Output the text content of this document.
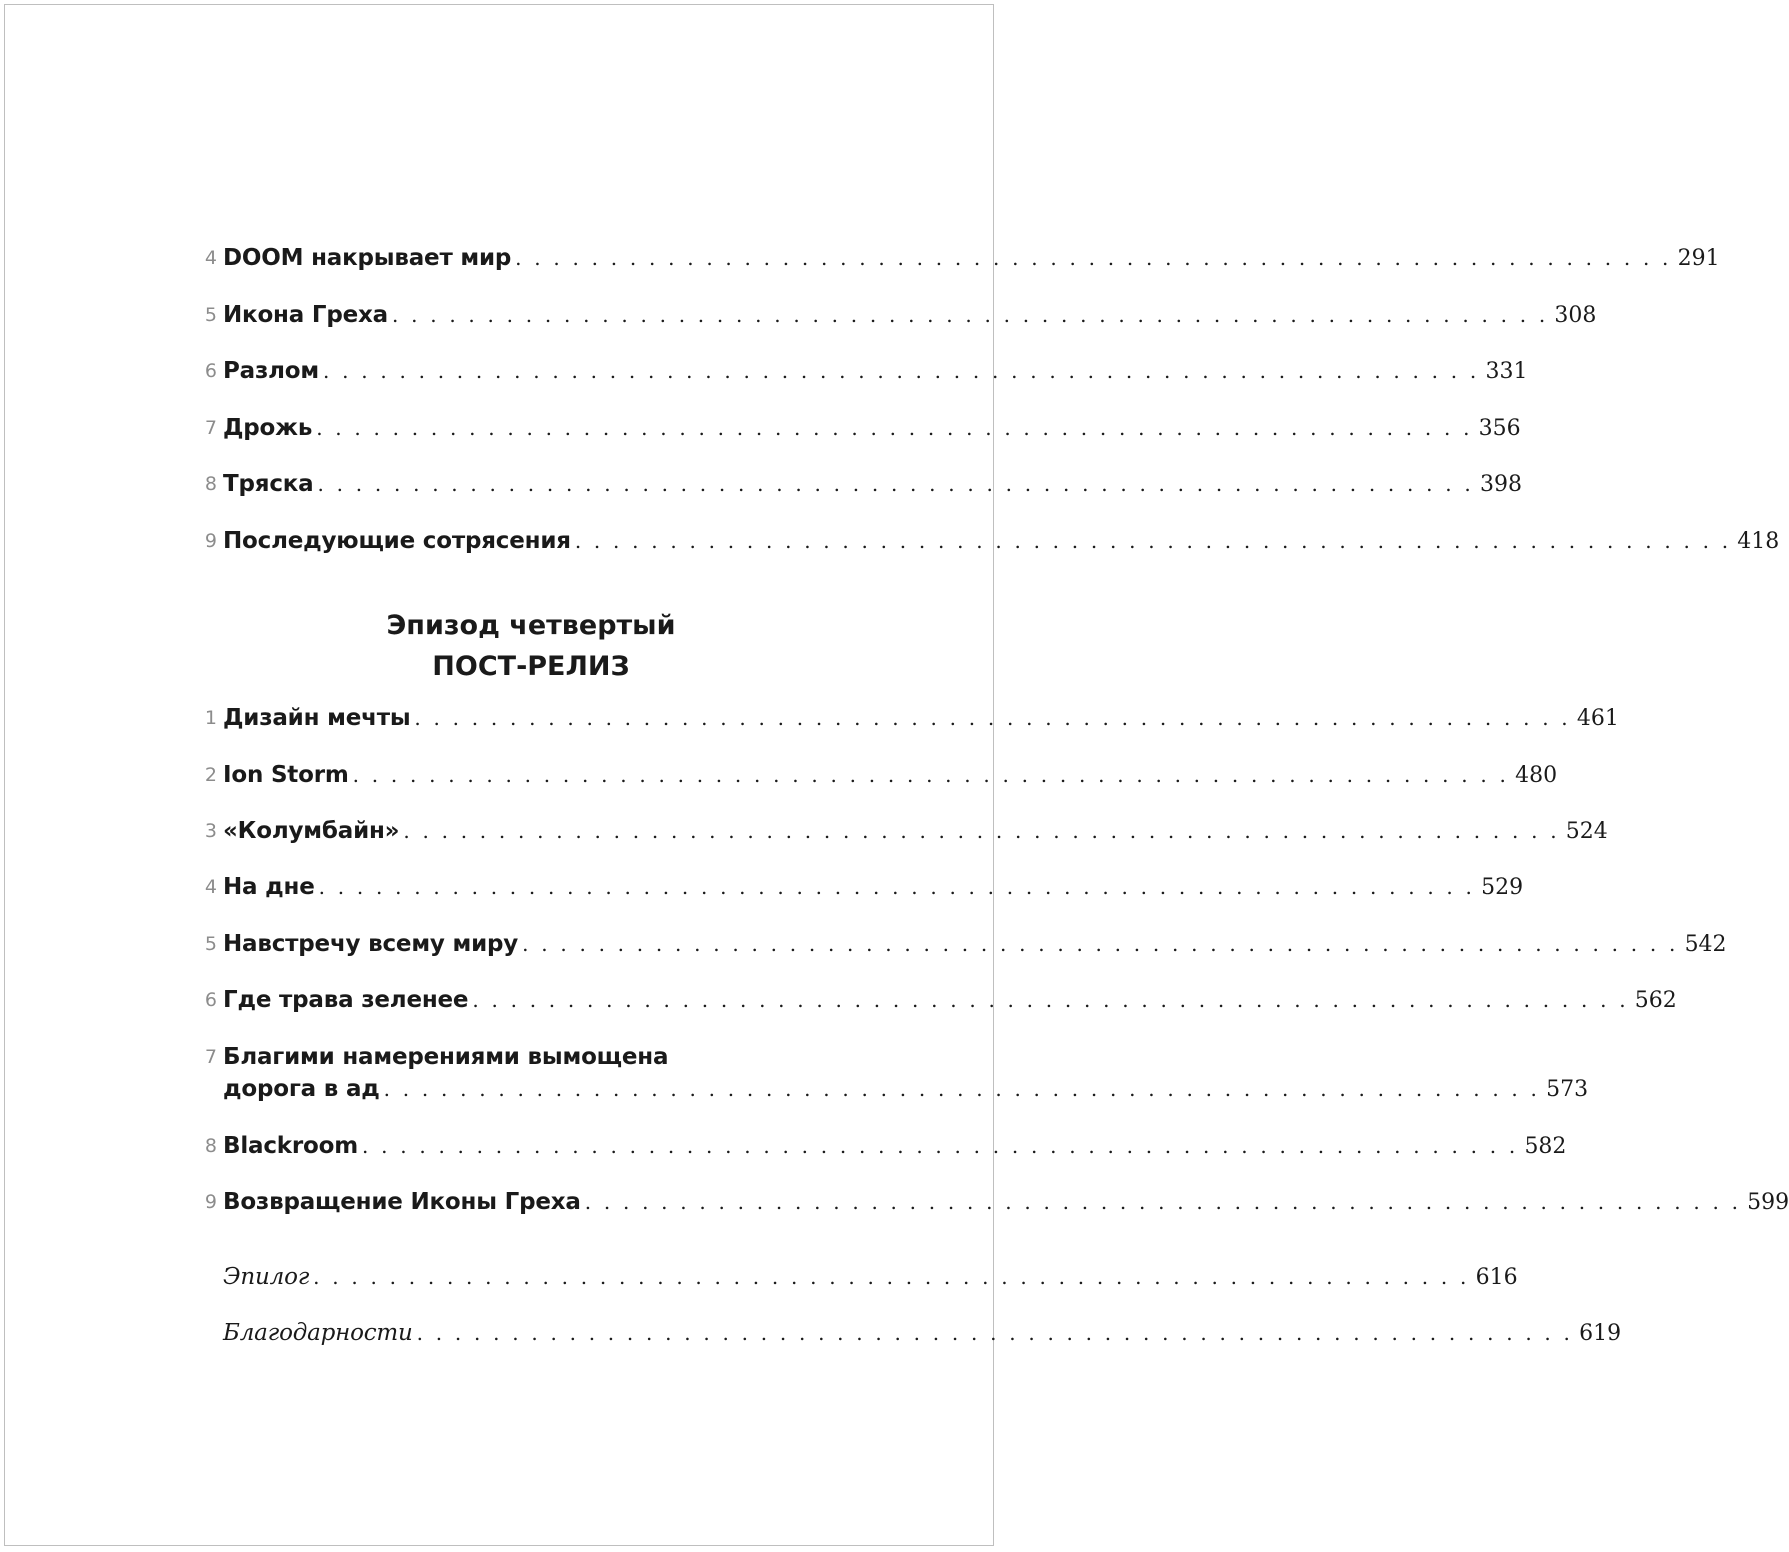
4 DOOM накрывает мир . . . . . . . . . . . . . . . . . . . . . . . . . . . . . . . . . . . . . . . . . . . . . . . . . . . . . . . . . . . . . 291
5 Икона Греха . . . . . . . . . . . . . . . . . . . . . . . . . . . . . . . . . . . . . . . . . . . . . . . . . . . . . . . . . . . . . 308
6 Разлом . . . . . . . . . . . . . . . . . . . . . . . . . . . . . . . . . . . . . . . . . . . . . . . . . . . . . . . . . . . . . 331
7 Дрожь . . . . . . . . . . . . . . . . . . . . . . . . . . . . . . . . . . . . . . . . . . . . . . . . . . . . . . . . . . . . . 356
8 Тряска . . . . . . . . . . . . . . . . . . . . . . . . . . . . . . . . . . . . . . . . . . . . . . . . . . . . . . . . . . . . . 398
9 Последующие сотрясения . . . . . . . . . . . . . . . . . . . . . . . . . . . . . . . . . . . . . . . . . . . . . . . . . . . . . . . . . . . . . 418
Эпизод четвертый
ПОСТ-РЕЛИЗ
1 Дизайн мечты . . . . . . . . . . . . . . . . . . . . . . . . . . . . . . . . . . . . . . . . . . . . . . . . . . . . . . . . . . . . . 461
2 Ion Storm . . . . . . . . . . . . . . . . . . . . . . . . . . . . . . . . . . . . . . . . . . . . . . . . . . . . . . . . . . . . . 480
3 «Колумбайн» . . . . . . . . . . . . . . . . . . . . . . . . . . . . . . . . . . . . . . . . . . . . . . . . . . . . . . . . . . . . . 524
4 На дне . . . . . . . . . . . . . . . . . . . . . . . . . . . . . . . . . . . . . . . . . . . . . . . . . . . . . . . . . . . . . 529
5 Навстречу всему миру . . . . . . . . . . . . . . . . . . . . . . . . . . . . . . . . . . . . . . . . . . . . . . . . . . . . . . . . . . . . . 542
6 Где трава зеленее . . . . . . . . . . . . . . . . . . . . . . . . . . . . . . . . . . . . . . . . . . . . . . . . . . . . . . . . . . . . . 562
7 Благими намерениями вымощена
дорога в ад . . . . . . . . . . . . . . . . . . . . . . . . . . . . . . . . . . . . . . . . . . . . . . . . . . . . . . . . . . . . . 573
8 Blackroom . . . . . . . . . . . . . . . . . . . . . . . . . . . . . . . . . . . . . . . . . . . . . . . . . . . . . . . . . . . . . 582
9 Возвращение Иконы Греха . . . . . . . . . . . . . . . . . . . . . . . . . . . . . . . . . . . . . . . . . . . . . . . . . . . . . . . . . . . . . 599
Эпилог . . . . . . . . . . . . . . . . . . . . . . . . . . . . . . . . . . . . . . . . . . . . . . . . . . . . . . . . . . . . . 616
Благодарности . . . . . . . . . . . . . . . . . . . . . . . . . . . . . . . . . . . . . . . . . . . . . . . . . . . . . . . . . . . . . 619
